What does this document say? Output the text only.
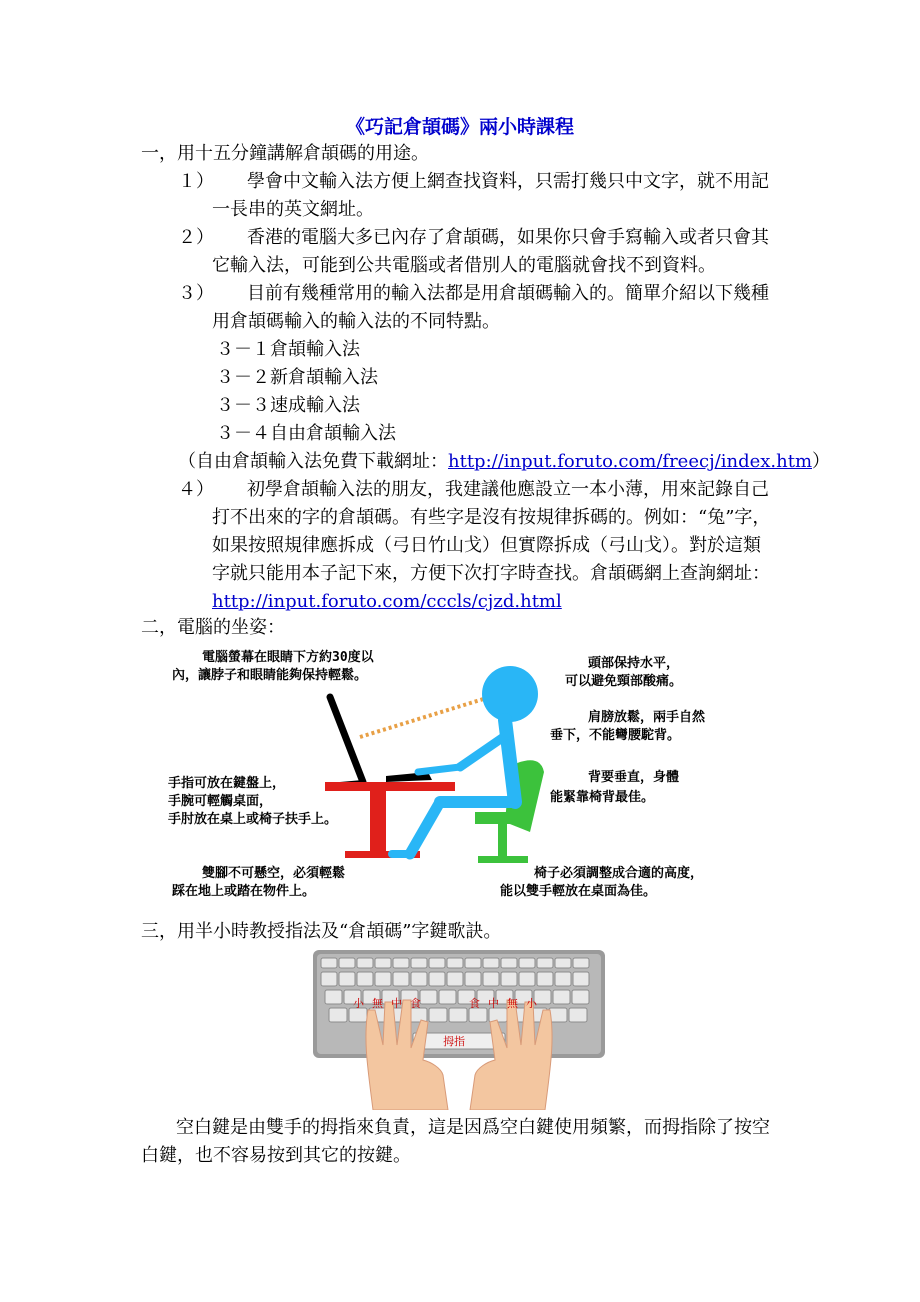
《巧記倉頡碼》兩小時課程
一，用十五分鐘講解倉頡碼的用途。
１） 學會中文輸入法方便上網查找資料，只需打幾只中文字，就不用記
一長串的英文網址。
２） 香港的電腦大多已內存了倉頡碼，如果你只會手寫輸入或者只會其
它輸入法，可能到公共電腦或者借別人的電腦就會找不到資料。
３） 目前有幾種常用的輸入法都是用倉頡碼輸入的。簡單介紹以下幾種
用倉頡碼輸入的輸入法的不同特點。
３－１倉頡輸入法
３－２新倉頡輸入法
３－３速成輸入法
３－４自由倉頡輸入法
（自由倉頡輸入法免費下載網址：http://input.foruto.com/freecj/index.htm）
４） 初學倉頡輸入法的朋友，我建議他應設立一本小薄，用來記錄自己
打不出來的字的倉頡碼。有些字是沒有按規律拆碼的。例如：“兔”字，
如果按照規律應拆成（弓日竹山戈）但實際拆成（弓山戈）。對於這類
字就只能用本子記下來，方便下次打字時查找。倉頡碼網上查詢網址：
http://input.foruto.com/cccls/cjzd.html
二，電腦的坐姿：
電腦螢幕在眼睛下方約30度以
內，讓脖子和眼睛能夠保持輕鬆。
頭部保持水平，
可以避免頸部酸痛。
肩膀放鬆，兩手自然
垂下，不能彎腰駝背。
背要垂直，身體
能緊靠椅背最佳。
手指可放在鍵盤上，
手腕可輕觸桌面，
手肘放在桌上或椅子扶手上。
雙腳不可懸空，必須輕鬆
踩在地上或踏在物件上。
椅子必須調整成合適的高度，
能以雙手輕放在桌面為佳。
三，用半小時教授指法及“倉頡碼”字鍵歌訣。
小無中食	食中無小
拇指
空白鍵是由雙手的拇指來負責，這是因爲空白鍵使用頻繁，而拇指除了按空
白鍵，也不容易按到其它的按鍵。
